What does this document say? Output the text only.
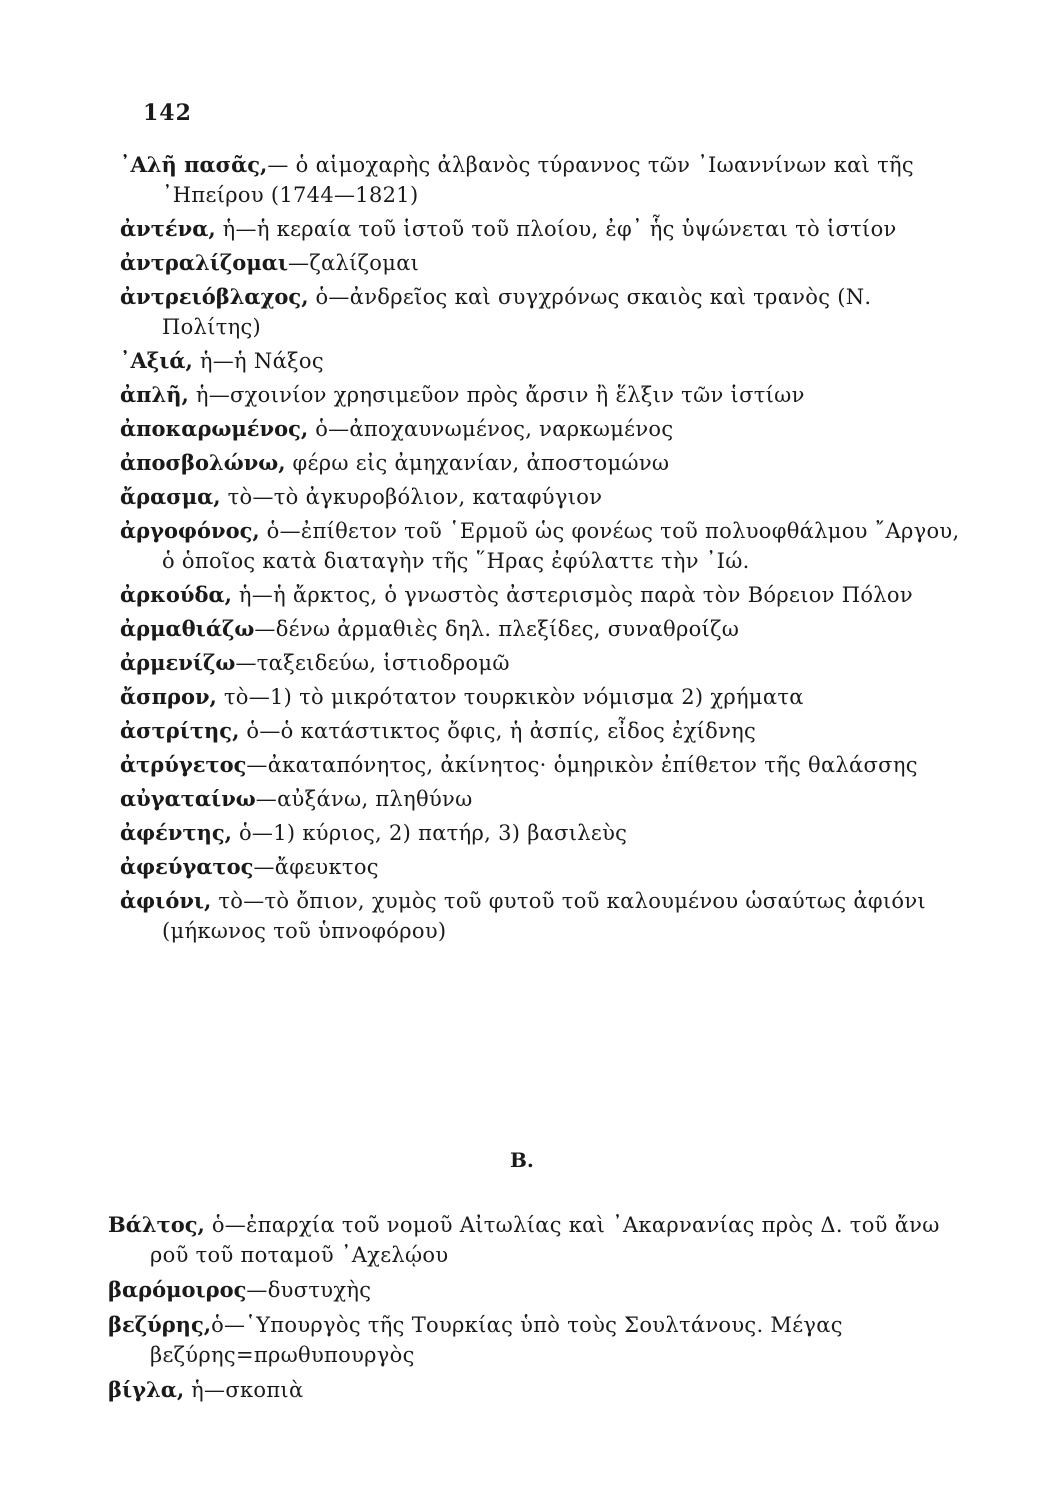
142

᾿Αλῆ πασᾶς,— ὁ αἱμοχαρὴς ἀλβανὸς τύραννος τῶν ᾿Ιωαννίνων καὶ τῆς ᾿Ηπείρου (1744—1821)

ἀντένα, ἡ—ἡ κεραία τοῦ ἱστοῦ τοῦ πλοίου, ἐφ᾽ ἧς ὑψώνεται τὸ ἱστίον

ἀντραλίζομαι—ζαλίζομαι

ἀντρειόβλαχος, ὁ—ἀνδρεῖος καὶ συγχρόνως σκαιὸς καὶ τρανὸς (Ν. Πολίτης)

᾿Αξιά, ἡ—ἡ Νάξος

ἀπλῆ, ἡ—σχοινίον χρησιμεῦον πρὸς ἄρσιν ἢ ἕλξιν τῶν ἱστίων

ἀποκαρωμένος, ὁ—ἀποχαυνωμένος, ναρκωμένος

ἀποσβολώνω, φέρω εἰς ἀμηχανίαν, ἀποστομώνω

ἄρασμα, τὸ—τὸ ἀγκυροβόλιον, καταφύγιον

ἀργοφόνος, ὁ—ἐπίθετον τοῦ ῾Ερμοῦ ὡς φονέως τοῦ πολυοφθάλμου ῎Αργου, ὁ ὁποῖος κατὰ διαταγὴν τῆς ῞Ηρας ἐφύλαττε τὴν ᾿Ιώ.

ἀρκούδα, ἡ—ἡ ἄρκτος, ὁ γνωστὸς ἀστερισμὸς παρὰ τὸν Βόρειον Πόλον

ἀρμαθιάζω—δένω ἀρμαθιὲς δηλ. πλεξίδες, συναθροίζω

ἀρμενίζω—ταξειδεύω, ἱστιοδρομῶ

ἄσπρον, τὸ—1) τὸ μικρότατον τουρκικὸν νόμισμα 2) χρήματα

ἀστρίτης, ὁ—ὁ κατάστικτος ὄφις, ἡ ἀσπίς, εἶδος ἐχίδνης

ἀτρύγετος—ἀκαταπόνητος, ἀκίνητος· ὁμηρικὸν ἐπίθετον τῆς θαλάσσης

αὐγαταίνω—αὐξάνω, πληθύνω

ἀφέντης, ὁ—1) κύριος, 2) πατήρ, 3) βασιλεὺς

ἀφεύγατος—ἄφευκτος

ἀφιόνι, τὸ—τὸ ὄπιον, χυμὸς τοῦ φυτοῦ τοῦ καλουμένου ὡσαύτως ἀφιόνι (μήκωνος τοῦ ὑπνοφόρου)

B.

Βάλτος, ὁ—ἐπαρχία τοῦ νομοῦ Αἰτωλίας καὶ ᾿Ακαρνανίας πρὸς Δ. τοῦ ἄνω ροῦ τοῦ ποταμοῦ ᾿Αχελῴου

βαρόμοιρος—δυστυχὴς

βεζύρης,ὁ—῾Υπουργὸς τῆς Τουρκίας ὑπὸ τοὺς Σουλτάνους. Μέγας βεζύρης=πρωθυπουργὸς

βίγλα, ἡ—σκοπιὰ
